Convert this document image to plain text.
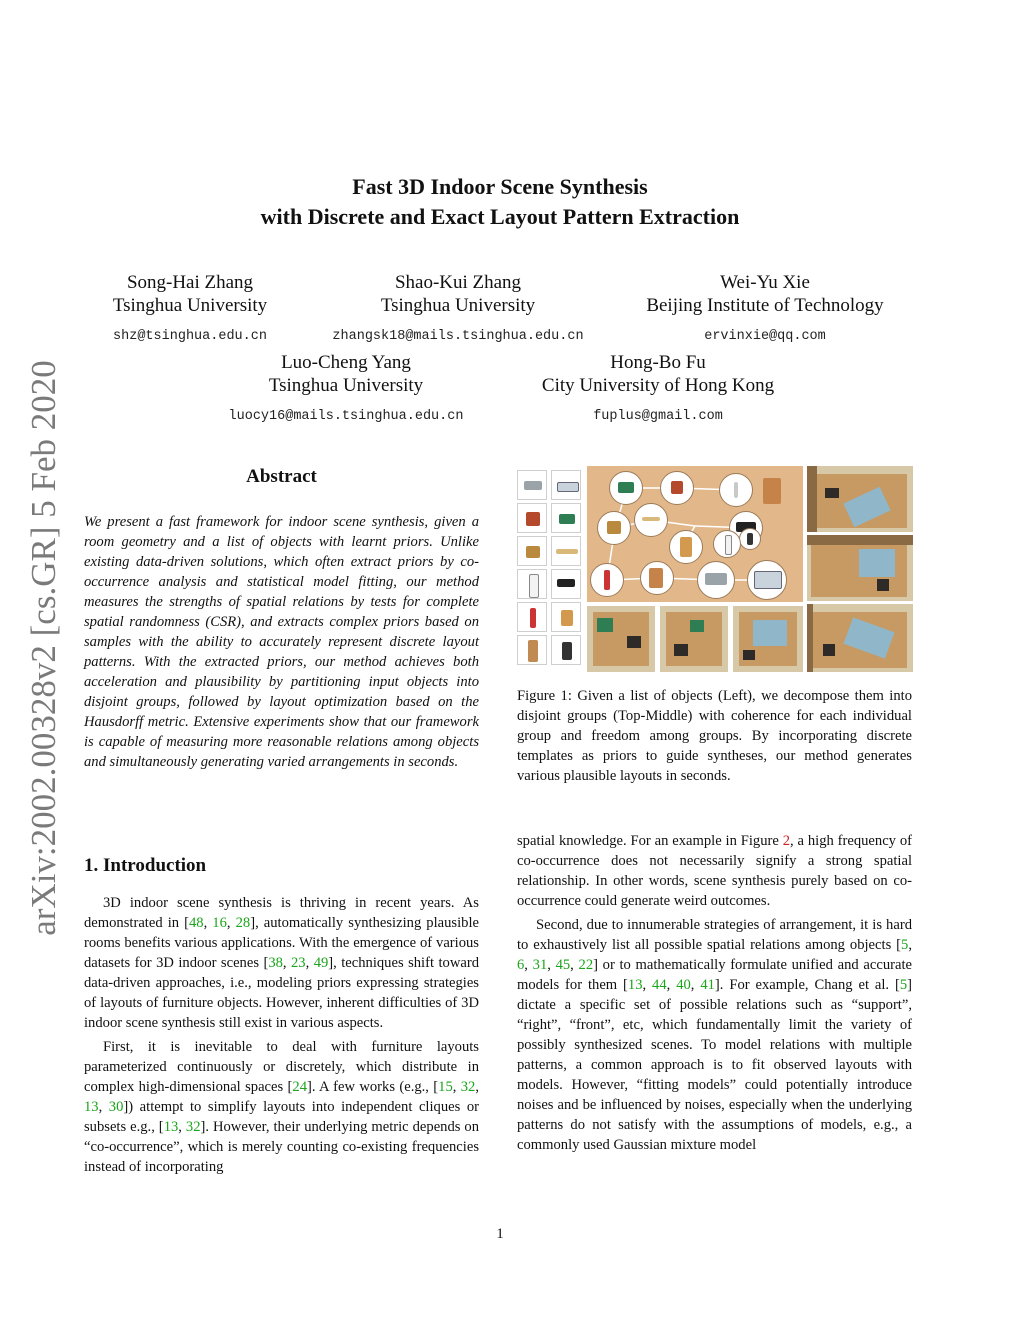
arXiv:2002.00328v2 [cs.GR] 5 Feb 2020
Fast 3D Indoor Scene Synthesis
with Discrete and Exact Layout Pattern Extraction
Song-Hai Zhang
Tsinghua University
shz@tsinghua.edu.cn
Shao-Kui Zhang
Tsinghua University
zhangsk18@mails.tsinghua.edu.cn
Wei-Yu Xie
Beijing Institute of Technology
ervinxie@qq.com
Luo-Cheng Yang
Tsinghua University
luocy16@mails.tsinghua.edu.cn
Hong-Bo Fu
City University of Hong Kong
fuplus@gmail.com
Abstract
We present a fast framework for indoor scene synthesis, given a room geometry and a list of objects with learnt priors. Unlike existing data-driven solutions, which often extract priors by co-occurrence analysis and statistical model fitting, our method measures the strengths of spatial relations by tests for complete spatial randomness (CSR), and extracts complex priors based on samples with the ability to accurately represent discrete layout patterns. With the extracted priors, our method achieves both acceleration and plausibility by partitioning input objects into disjoint groups, followed by layout optimization based on the Hausdorff metric. Extensive experiments show that our framework is capable of measuring more reasonable relations among objects and simultaneously generating varied arrangements in seconds.
1. Introduction

3D indoor scene synthesis is thriving in recent years. As demonstrated in [48, 16, 28], automatically synthesizing plausible rooms benefits various applications. With the emergence of various datasets for 3D indoor scenes [38, 23, 49], techniques shift toward data-driven approaches, i.e., modeling priors expressing strategies of layouts of furniture objects. However, inherent difficulties of 3D indoor scene synthesis still exist in various aspects.

First, it is inevitable to deal with furniture layouts parameterized continuously or discretely, which distribute in complex high-dimensional spaces [24]. A few works (e.g., [15, 32, 13, 30]) attempt to simplify layouts into independent cliques or subsets e.g., [13, 32]. However, their underlying metric depends on “co-occurrence”, which is merely counting co-existing frequencies instead of incorporating

Figure 1: Given a list of objects (Left), we decompose them into disjoint groups (Top-Middle) with coherence for each individual group and freedom among groups. By incorporating discrete templates as priors to guide syntheses, our method generates various plausible layouts in seconds.

spatial knowledge. For an example in Figure 2, a high frequency of co-occurrence does not necessarily signify a strong spatial relationship. In other words, scene synthesis purely based on co-occurrence could generate weird outcomes.

Second, due to innumerable strategies of arrangement, it is hard to exhaustively list all possible spatial relations among objects [5, 6, 31, 45, 22] or to mathematically formulate unified and accurate models for them [13, 44, 40, 41]. For example, Chang et al. [5] dictate a specific set of possible relations such as “support”, “right”, “front”, etc, which fundamentally limit the variety of possibly synthesized scenes. To model relations with multiple patterns, a common approach is to fit observed layouts with models. However, “fitting models” could potentially introduce noises and be influenced by noises, especially when the underlying patterns do not satisfy with the assumptions of models, e.g., a commonly used Gaussian mixture model

1
